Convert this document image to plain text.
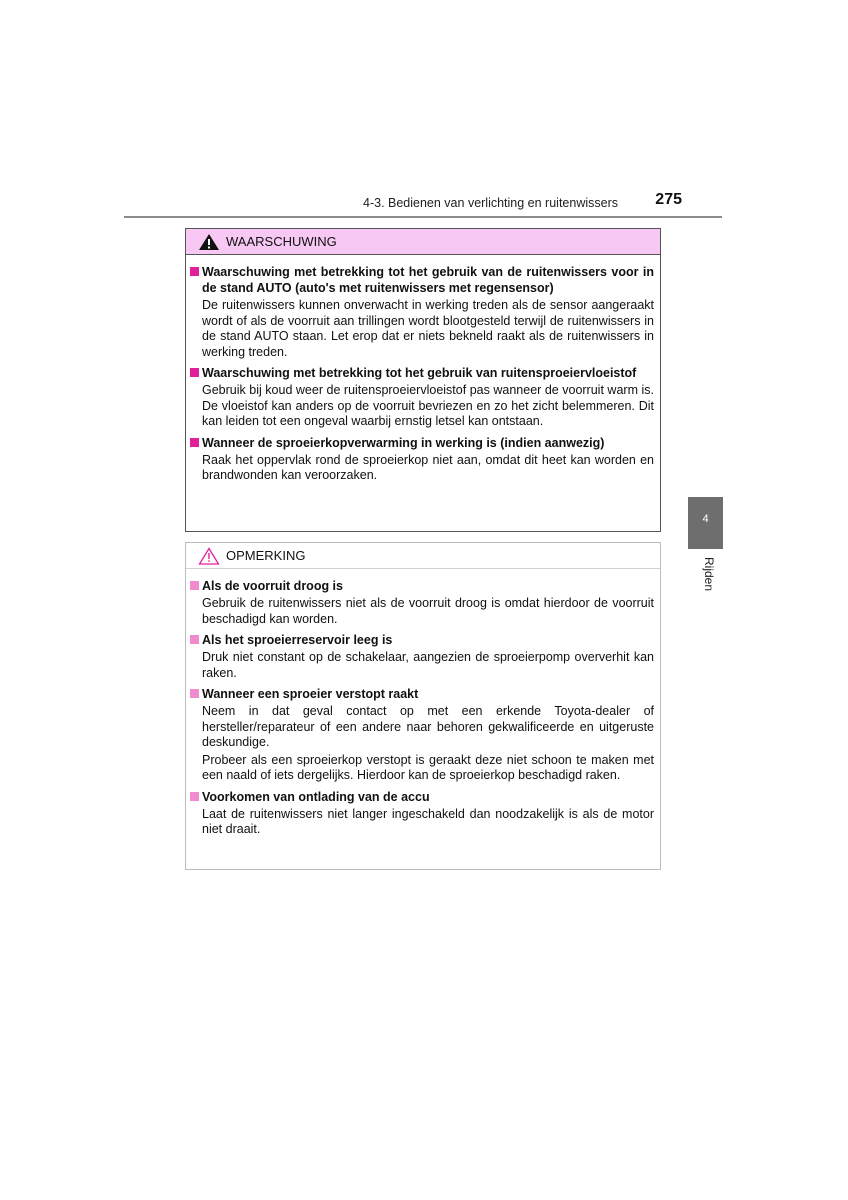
4-3. Bedienen van verlichting en ruitenwissers 275
4
Rijden
WAARSCHUWING
Waarschuwing met betrekking tot het gebruik van de ruitenwissers voor in de stand AUTO (auto's met ruitenwissers met regensensor)
De ruitenwissers kunnen onverwacht in werking treden als de sensor aangeraakt wordt of als de voorruit aan trillingen wordt blootgesteld terwijl de ruitenwissers in de stand AUTO staan. Let erop dat er niets bekneld raakt als de ruitenwissers in werking treden.
Waarschuwing met betrekking tot het gebruik van ruitensproeiervloeistof
Gebruik bij koud weer de ruitensproeiervloeistof pas wanneer de voorruit warm is. De vloeistof kan anders op de voorruit bevriezen en zo het zicht belemmeren. Dit kan leiden tot een ongeval waarbij ernstig letsel kan ontstaan.
Wanneer de sproeierkopverwarming in werking is (indien aanwezig)
Raak het oppervlak rond de sproeierkop niet aan, omdat dit heet kan worden en brandwonden kan veroorzaken.
OPMERKING
Als de voorruit droog is
Gebruik de ruitenwissers niet als de voorruit droog is omdat hierdoor de voorruit beschadigd kan worden.
Als het sproeierreservoir leeg is
Druk niet constant op de schakelaar, aangezien de sproeierpomp oververhit kan raken.
Wanneer een sproeier verstopt raakt
Neem in dat geval contact op met een erkende Toyota-dealer of hersteller/reparateur of een andere naar behoren gekwalificeerde en uitgeruste deskundige.
Probeer als een sproeierkop verstopt is geraakt deze niet schoon te maken met een naald of iets dergelijks. Hierdoor kan de sproeierkop beschadigd raken.
Voorkomen van ontlading van de accu
Laat de ruitenwissers niet langer ingeschakeld dan noodzakelijk is als de motor niet draait.
